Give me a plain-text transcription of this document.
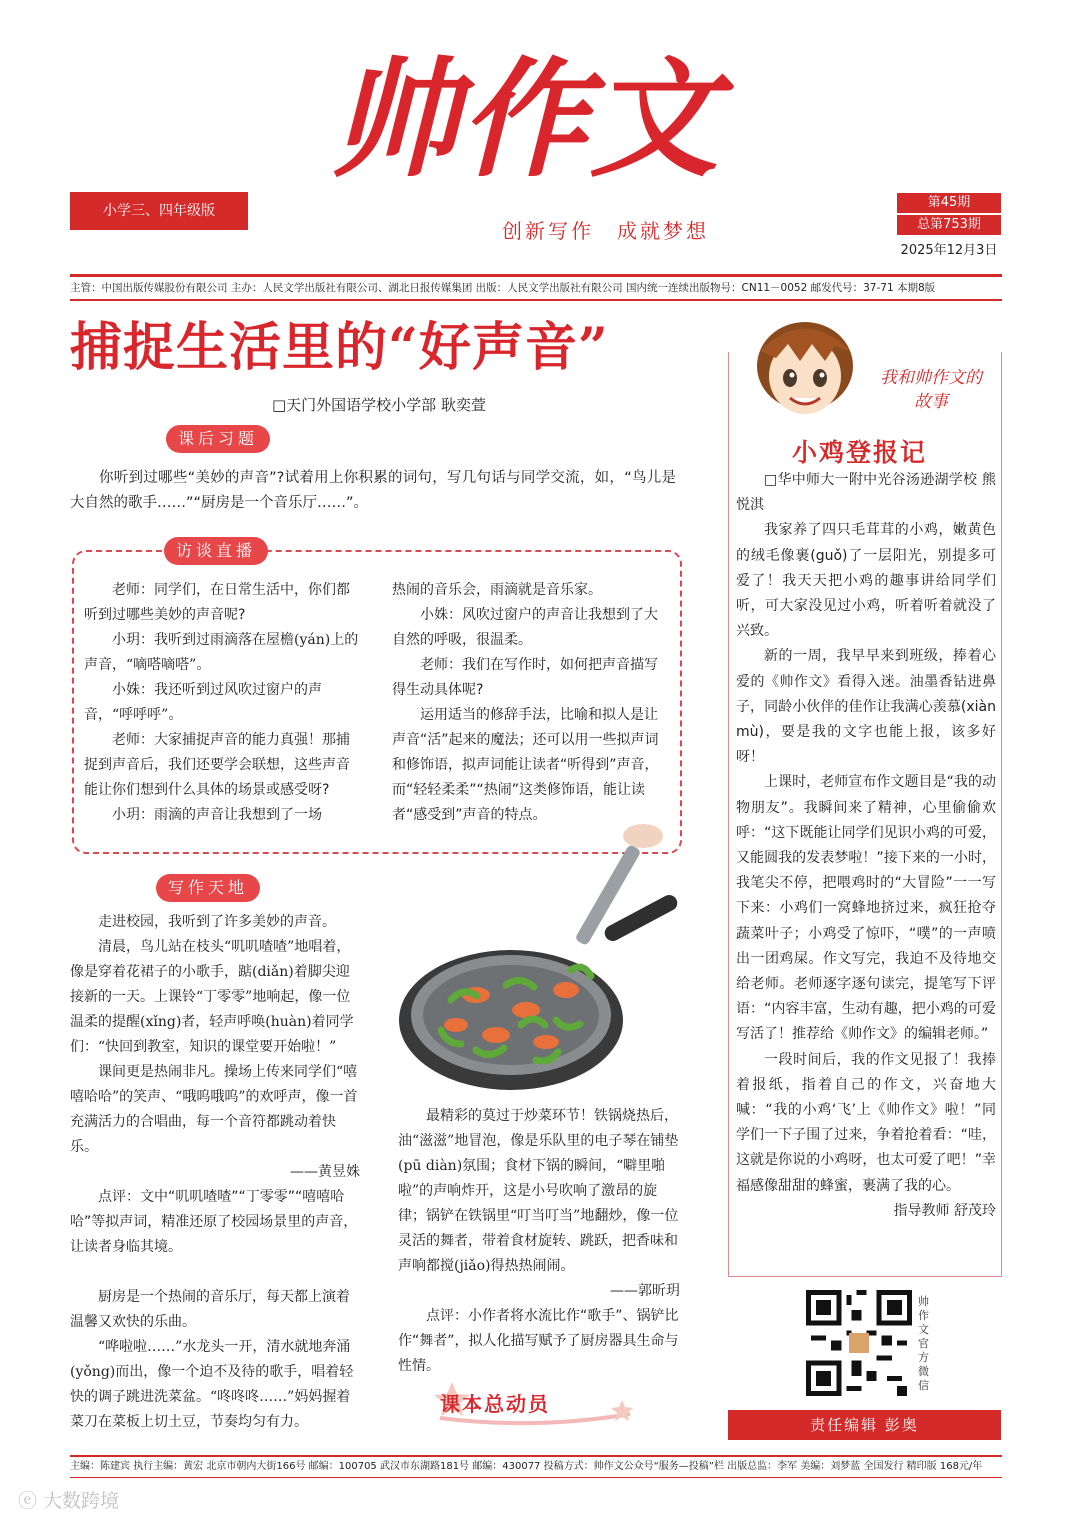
帅作文
小学三、四年级版
创新写作　成就梦想
第45期
总第753期
2025年12月3日
主管：中国出版传媒股份有限公司 主办：人民文学出版社有限公司、湖北日报传媒集团 出版：人民文学出版社有限公司 国内统一连续出版物号：CN11－0052 邮发代号：37-71 本期8版
捕捉生活里的“好声音”
□天门外国语学校小学部 耿奕萱
课后习题

你听到过哪些“美妙的声音”?试着用上你积累的词句，写几句话与同学交流，如，“鸟儿是大自然的歌手……”“厨房是一个音乐厅……”。

访谈直播

老师：同学们，在日常生活中，你们都听到过哪些美妙的声音呢?

小玥：我听到过雨滴落在屋檐(yán)上的声音，“嘀嗒嘀嗒”。

小姝：我还听到过风吹过窗户的声音，“呼呼呼”。

老师：大家捕捉声音的能力真强！那捕捉到声音后，我们还要学会联想，这些声音能让你们想到什么具体的场景或感受呀?

小玥：雨滴的声音让我想到了一场

热闹的音乐会，雨滴就是音乐家。

小姝：风吹过窗户的声音让我想到了大自然的呼吸，很温柔。

老师：我们在写作时，如何把声音描写得生动具体呢?

运用适当的修辞手法，比喻和拟人是让声音“活”起来的魔法；还可以用一些拟声词和修饰语，拟声词能让读者“听得到”声音，而“轻轻柔柔”“热闹”这类修饰语，能让读者“感受到”声音的特点。

写作天地

走进校园，我听到了许多美妙的声音。

清晨，鸟儿站在枝头“叽叽喳喳”地唱着，像是穿着花裙子的小歌手，踮(diǎn)着脚尖迎接新的一天。上课铃“丁零零”地响起，像一位温柔的提醒(xǐng)者，轻声呼唤(huàn)着同学们：“快回到教室，知识的课堂要开始啦！”

课间更是热闹非凡。操场上传来同学们“嘻嘻哈哈”的笑声、“哦呜哦呜”的欢呼声，像一首充满活力的合唱曲，每一个音符都跳动着快乐。

——黄昱姝

点评：文中“叽叽喳喳”“丁零零”“嘻嘻哈哈”等拟声词，精准还原了校园场景里的声音，让读者身临其境。

厨房是一个热闹的音乐厅，每天都上演着温馨又欢快的乐曲。

“哗啦啦……”水龙头一开，清水就地奔涌(yǒng)而出，像一个迫不及待的歌手，唱着轻快的调子跳进洗菜盆。“咚咚咚……”妈妈握着菜刀在菜板上切土豆，节奏均匀有力。

最精彩的莫过于炒菜环节！铁锅烧热后，油“滋滋”地冒泡，像是乐队里的电子琴在铺垫(pū diàn)氛围；食材下锅的瞬间，“噼里啪啦”的声响炸开，这是小号吹响了激昂的旋律；锅铲在铁锅里“叮当叮当”地翻炒，像一位灵活的舞者，带着食材旋转、跳跃，把香味和声响都搅(jiǎo)得热热闹闹。

——郭昕玥

点评：小作者将水流比作“歌手”、锅铲比作“舞者”，拟人化描写赋予了厨房器具生命与性情。

课本总动员
我和帅作文的故事
小鸡登报记

□华中师大一附中光谷汤逊湖学校 熊悦淇

我家养了四只毛茸茸的小鸡，嫩黄色的绒毛像裹(guǒ)了一层阳光，别提多可爱了！我天天把小鸡的趣事讲给同学们听，可大家没见过小鸡，听着听着就没了兴致。

新的一周，我早早来到班级，捧着心爱的《帅作文》看得入迷。油墨香钻进鼻子，同龄小伙伴的佳作让我满心羡慕(xiàn mù)，要是我的文字也能上报，该多好呀！

上课时，老师宣布作文题目是“我的动物朋友”。我瞬间来了精神，心里偷偷欢呼：“这下既能让同学们见识小鸡的可爱，又能圆我的发表梦啦！”接下来的一小时，我笔尖不停，把喂鸡时的“大冒险”一一写下来：小鸡们一窝蜂地挤过来，疯狂抢夺蔬菜叶子；小鸡受了惊吓，“噗”的一声喷出一团鸡屎。作文写完，我迫不及待地交给老师。老师逐字逐句读完，提笔写下评语：“内容丰富，生动有趣，把小鸡的可爱写活了！推荐给《帅作文》的编辑老师。”

一段时间后，我的作文见报了！我捧着报纸，指着自己的作文，兴奋地大喊：“我的小鸡‘飞’上《帅作文》啦！”同学们一下子围了过来，争着抢着看：“哇，这就是你说的小鸡呀，也太可爱了吧！”幸福感像甜甜的蜂蜜，裹满了我的心。

指导教师 舒茂玲
帅作文官方微信
责任编辑 彭奥
主编：陈建宾 执行主编：黄宏 北京市朝内大街166号 邮编：100705 武汉市东湖路181号 邮编：430077 投稿方式：帅作文公众号“服务—投稿”栏 出版总监：李军 美编：刘梦蓝 全国发行 精印版 168元/年
ⓔ 大数跨境
